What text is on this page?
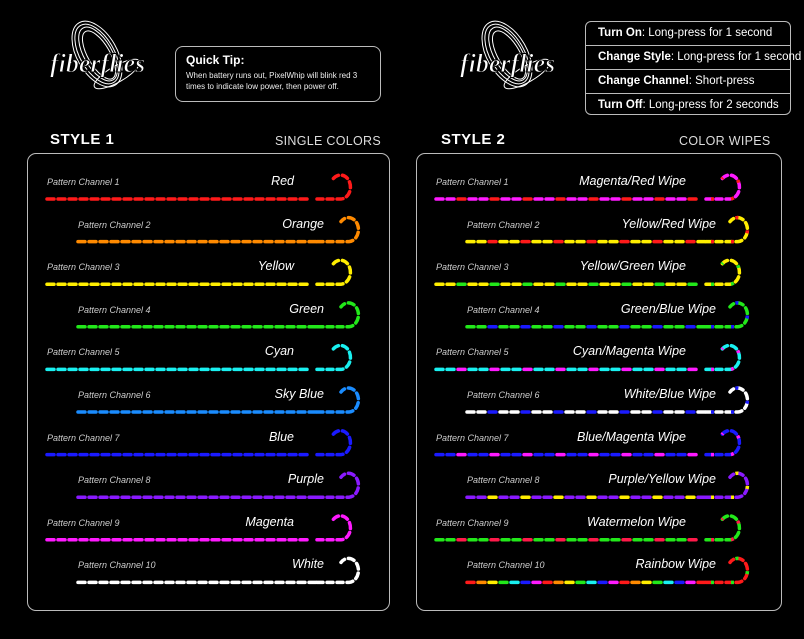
fiberflies	fiberflies
Quick Tip:
When battery runs out, PixelWhip will blink red 3
times to indicate low power, then power off.
Turn On: Long-press for 1 second
Change Style: Long-press for 1 second
Change Channel: Short-press
Turn Off: Long-press for 2 seconds
STYLE 1	SINGLE COLORS	STYLE 2	COLOR WIPES
Pattern Channel 1	Red
Pattern Channel 2	Orange
Pattern Channel 3	Yellow
Pattern Channel 4	Green
Pattern Channel 5	Cyan
Pattern Channel 6	Sky Blue
Pattern Channel 7	Blue
Pattern Channel 8	Purple
Pattern Channel 9	Magenta
Pattern Channel 10	White
Pattern Channel 1	Magenta/Red Wipe
Pattern Channel 2	Yellow/Red Wipe
Pattern Channel 3	Yellow/Green Wipe
Pattern Channel 4	Green/Blue Wipe
Pattern Channel 5	Cyan/Magenta Wipe
Pattern Channel 6	White/Blue Wipe
Pattern Channel 7	Blue/Magenta Wipe
Pattern Channel 8	Purple/Yellow Wipe
Pattern Channel 9	Watermelon Wipe
Pattern Channel 10	Rainbow Wipe
